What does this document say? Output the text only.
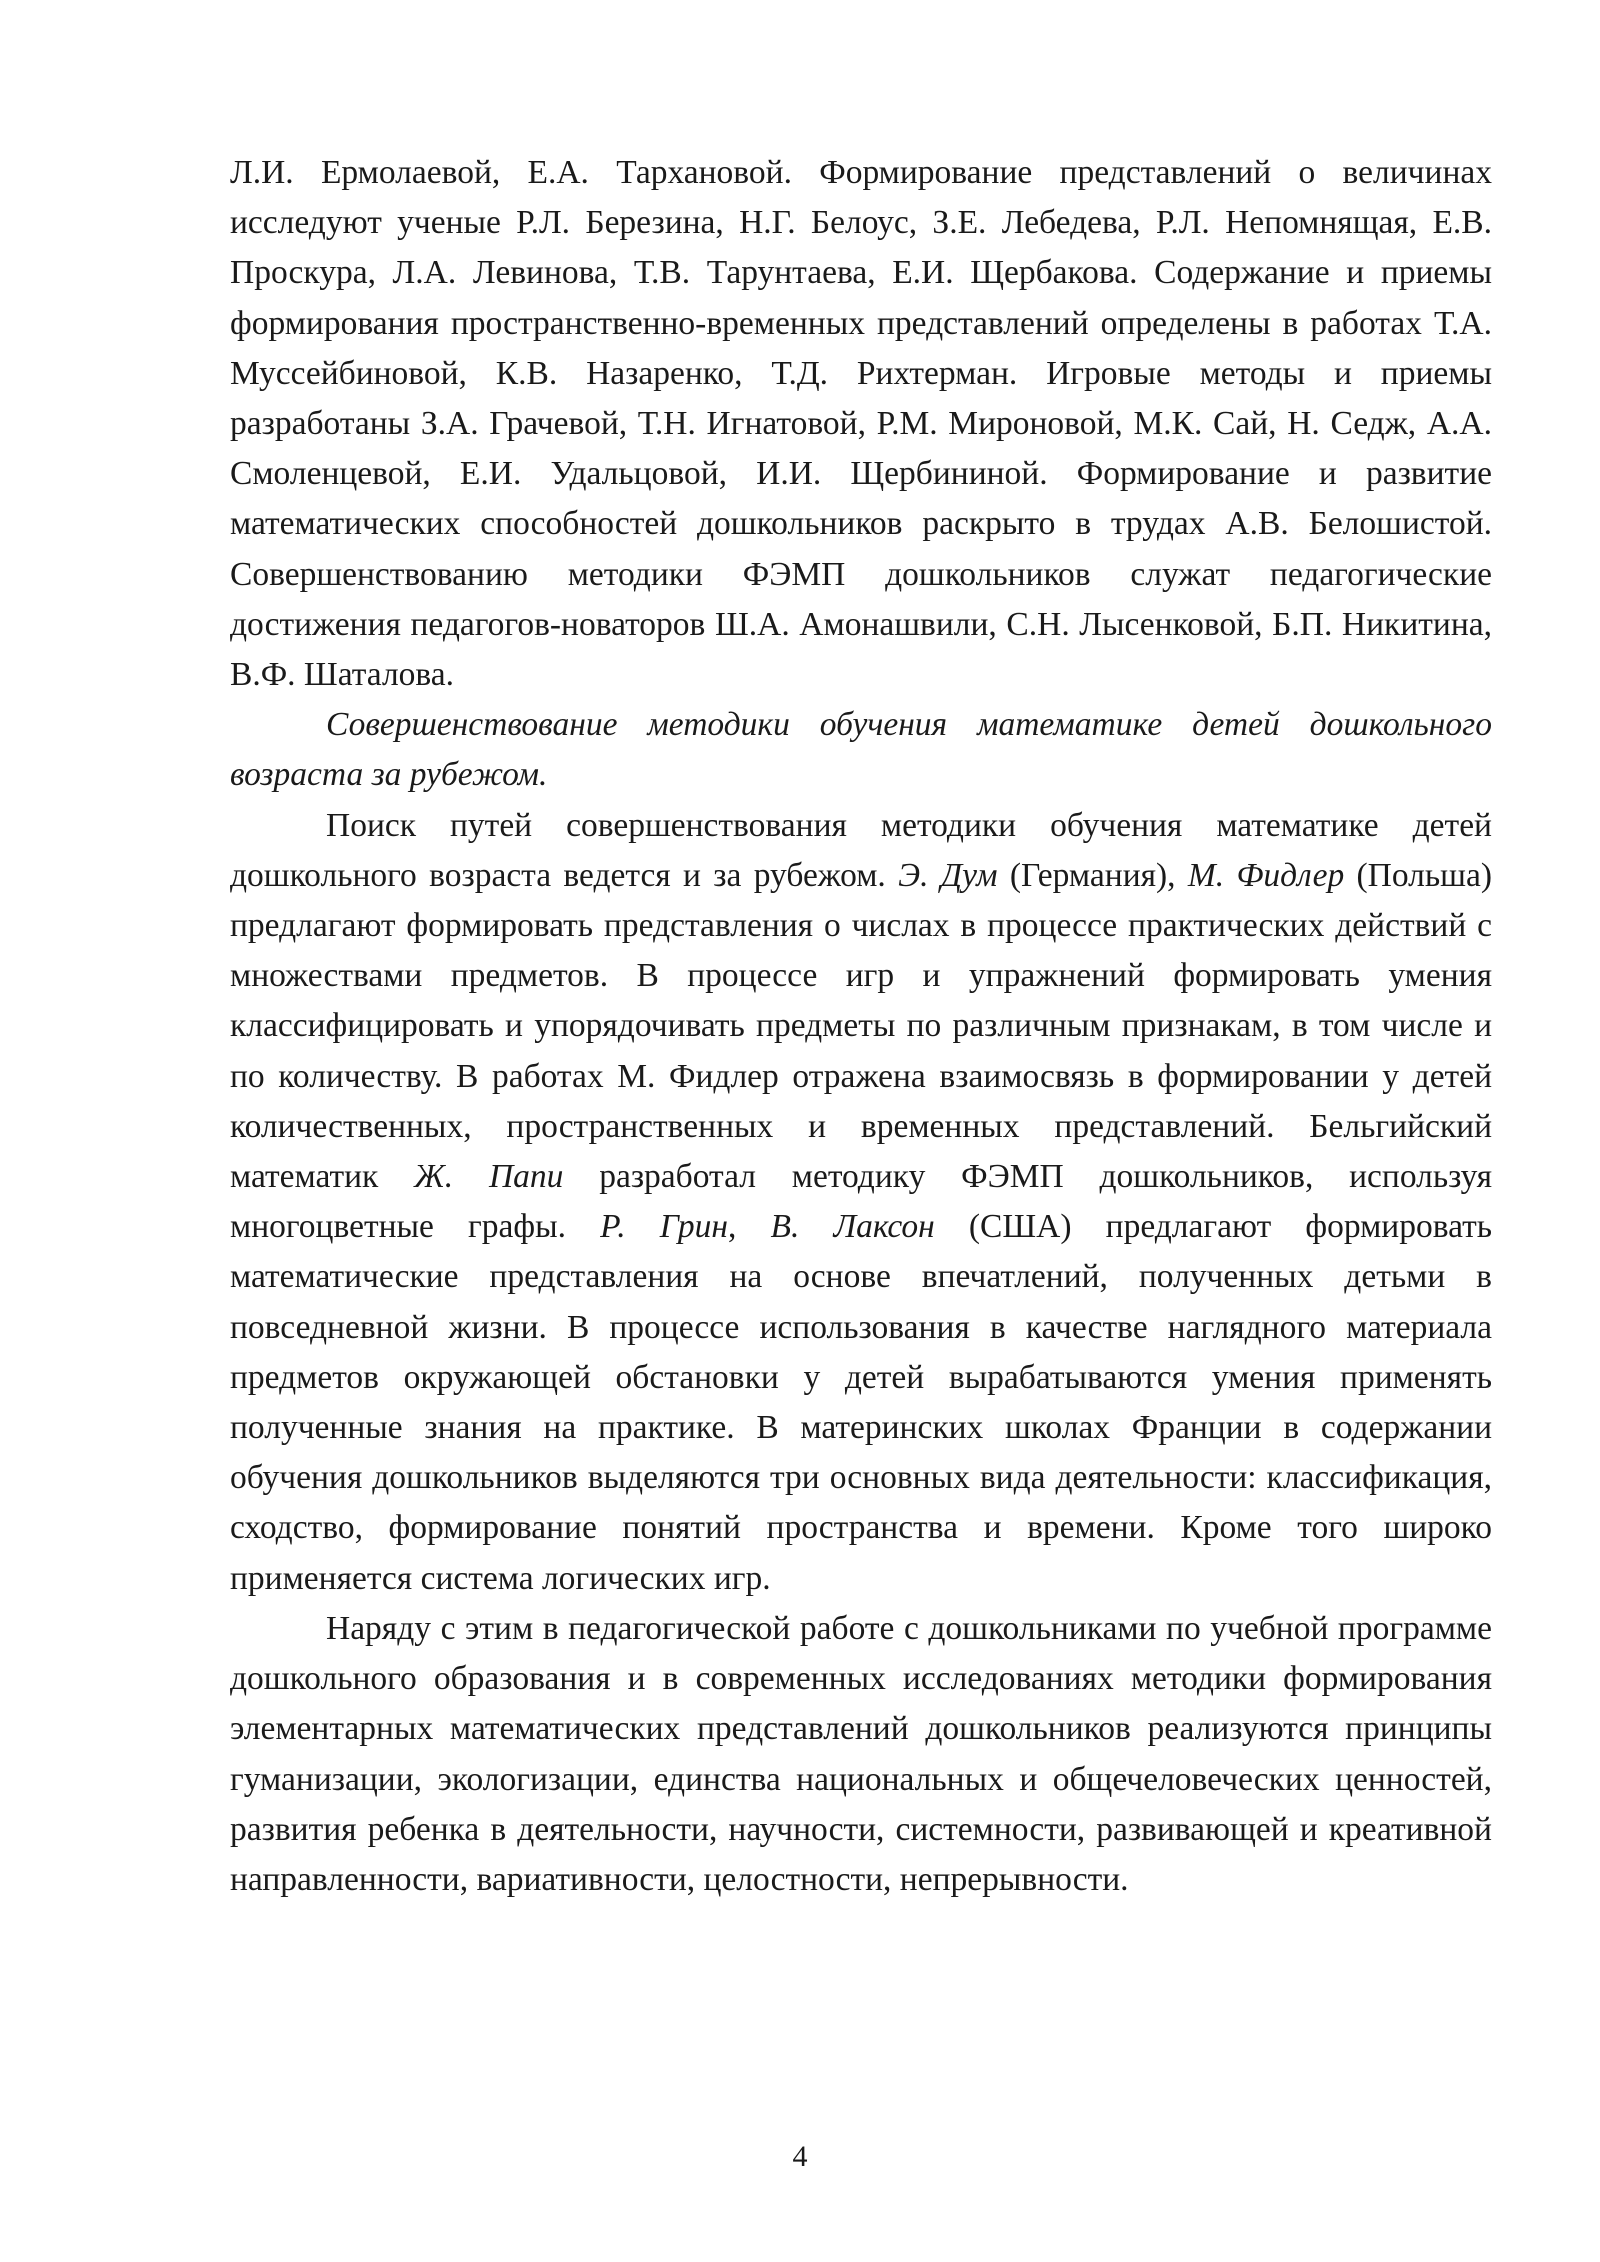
Л.И. Ермолаевой, Е.А. Тархановой. Формирование представлений о величинах исследуют ученые Р.Л. Березина, Н.Г. Белоус, З.Е. Лебедева, Р.Л. Непомнящая, Е.В. Проскура, Л.А. Левинова, Т.В. Тарунтаева, Е.И. Щербакова. Содержание и приемы формирования пространственно-временных представлений определены в работах Т.А. Муссейбиновой, К.В. Назаренко, Т.Д. Рихтерман. Игровые методы и приемы разработаны З.А. Грачевой, Т.Н. Игнатовой, Р.М. Мироновой, М.К. Сай, Н. Седж, А.А. Смоленцевой, Е.И. Удальцовой, И.И. Щербининой. Формирование и развитие математических способностей дошкольников раскрыто в трудах А.В. Белошистой. Совершенствованию методики ФЭМП дошкольников служат педагогические достижения педагогов-новаторов Ш.А. Амонашвили, С.Н. Лысенковой, Б.П. Никитина, В.Ф. Шаталова.

Совершенствование методики обучения математике детей дошкольного возраста за рубежом.

Поиск путей совершенствования методики обучения математике детей дошкольного возраста ведется и за рубежом. Э. Дум (Германия), М. Фидлер (Польша) предлагают формировать представления о числах в процессе практических действий с множествами предметов. В процессе игр и упражнений формировать умения классифицировать и упорядочивать предметы по различным признакам, в том числе и по количеству. В работах М. Фидлер отражена взаимосвязь в формировании у детей количественных, пространственных и временных представлений. Бельгийский математик Ж. Папи разработал методику ФЭМП дошкольников, используя многоцветные графы. Р. Грин, В. Лаксон (США) предлагают формировать математические представления на основе впечатлений, полученных детьми в повседневной жизни. В процессе использования в качестве наглядного материала предметов окружающей обстановки у детей вырабатываются умения применять полученные знания на практике. В материнских школах Франции в содержании обучения дошкольников выделяются три основных вида деятельности: классификация, сходство, формирование понятий пространства и времени. Кроме того широко применяется система логических игр.

Наряду с этим в педагогической работе с дошкольниками по учебной программе дошкольного образования и в современных исследованиях методики формирования элементарных математических представлений дошкольников реализуются принципы гуманизации, экологизации, единства национальных и общечеловеческих ценностей, развития ребенка в деятельности, научности, системности, развивающей и креативной направленности, вариативности, целостности, непрерывности.

4
